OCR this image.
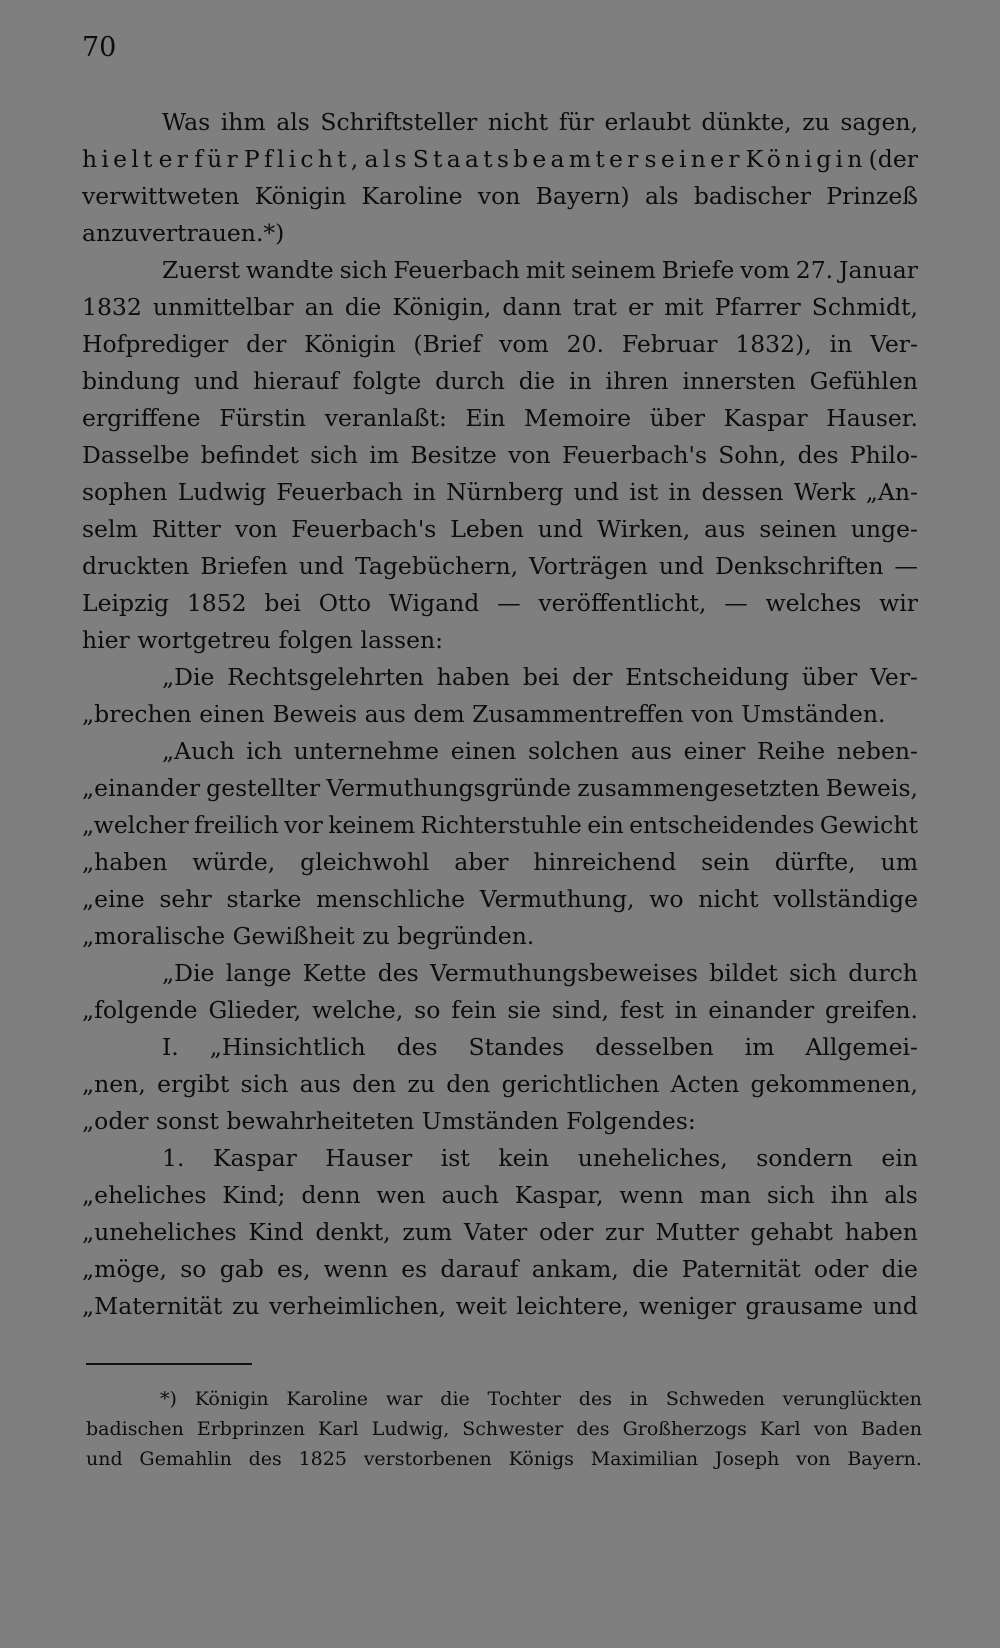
70
Was ihm als Schriftsteller nicht für erlaubt dünkte, zu sagen,
hielt er für Pflicht, als Staatsbeamter seiner Königin (der
verwittweten Königin Karoline von Bayern) als badischer Prinzeß
anzuvertrauen.*)
Zuerst wandte sich Feuerbach mit seinem Briefe vom 27. Januar
1832 unmittelbar an die Königin, dann trat er mit Pfarrer Schmidt,
Hofprediger der Königin (Brief vom 20. Februar 1832), in Ver-
bindung und hierauf folgte durch die in ihren innersten Gefühlen
ergriffene Fürstin veranlaßt: Ein Memoire über Kaspar Hauser.
Dasselbe befindet sich im Besitze von Feuerbach's Sohn, des Philo-
sophen Ludwig Feuerbach in Nürnberg und ist in dessen Werk „An-
selm Ritter von Feuerbach's Leben und Wirken, aus seinen unge-
druckten Briefen und Tagebüchern, Vorträgen und Denkschriften —
Leipzig 1852 bei Otto Wigand — veröffentlicht, — welches wir
hier wortgetreu folgen lassen:
„Die Rechtsgelehrten haben bei der Entscheidung über Ver-
„brechen einen Beweis aus dem Zusammentreffen von Umständen.
„Auch ich unternehme einen solchen aus einer Reihe neben-
„einander gestellter Vermuthungsgründe zusammengesetzten Beweis,
„welcher freilich vor keinem Richterstuhle ein entscheidendes Gewicht
„haben würde, gleichwohl aber hinreichend sein dürfte, um
„eine sehr starke menschliche Vermuthung, wo nicht vollständige
„moralische Gewißheit zu begründen.
„Die lange Kette des Vermuthungsbeweises bildet sich durch
„folgende Glieder, welche, so fein sie sind, fest in einander greifen.
I. „Hinsichtlich des Standes desselben im Allgemei-
„nen, ergibt sich aus den zu den gerichtlichen Acten gekommenen,
„oder sonst bewahrheiteten Umständen Folgendes:
1. Kaspar Hauser ist kein uneheliches, sondern ein
„eheliches Kind; denn wen auch Kaspar, wenn man sich ihn als
„uneheliches Kind denkt, zum Vater oder zur Mutter gehabt haben
„möge, so gab es, wenn es darauf ankam, die Paternität oder die
„Maternität zu verheimlichen, weit leichtere, weniger grausame und
*) Königin Karoline war die Tochter des in Schweden verunglückten
badischen Erbprinzen Karl Ludwig, Schwester des Großherzogs Karl von Baden
und Gemahlin des 1825 verstorbenen Königs Maximilian Joseph von Bayern.
